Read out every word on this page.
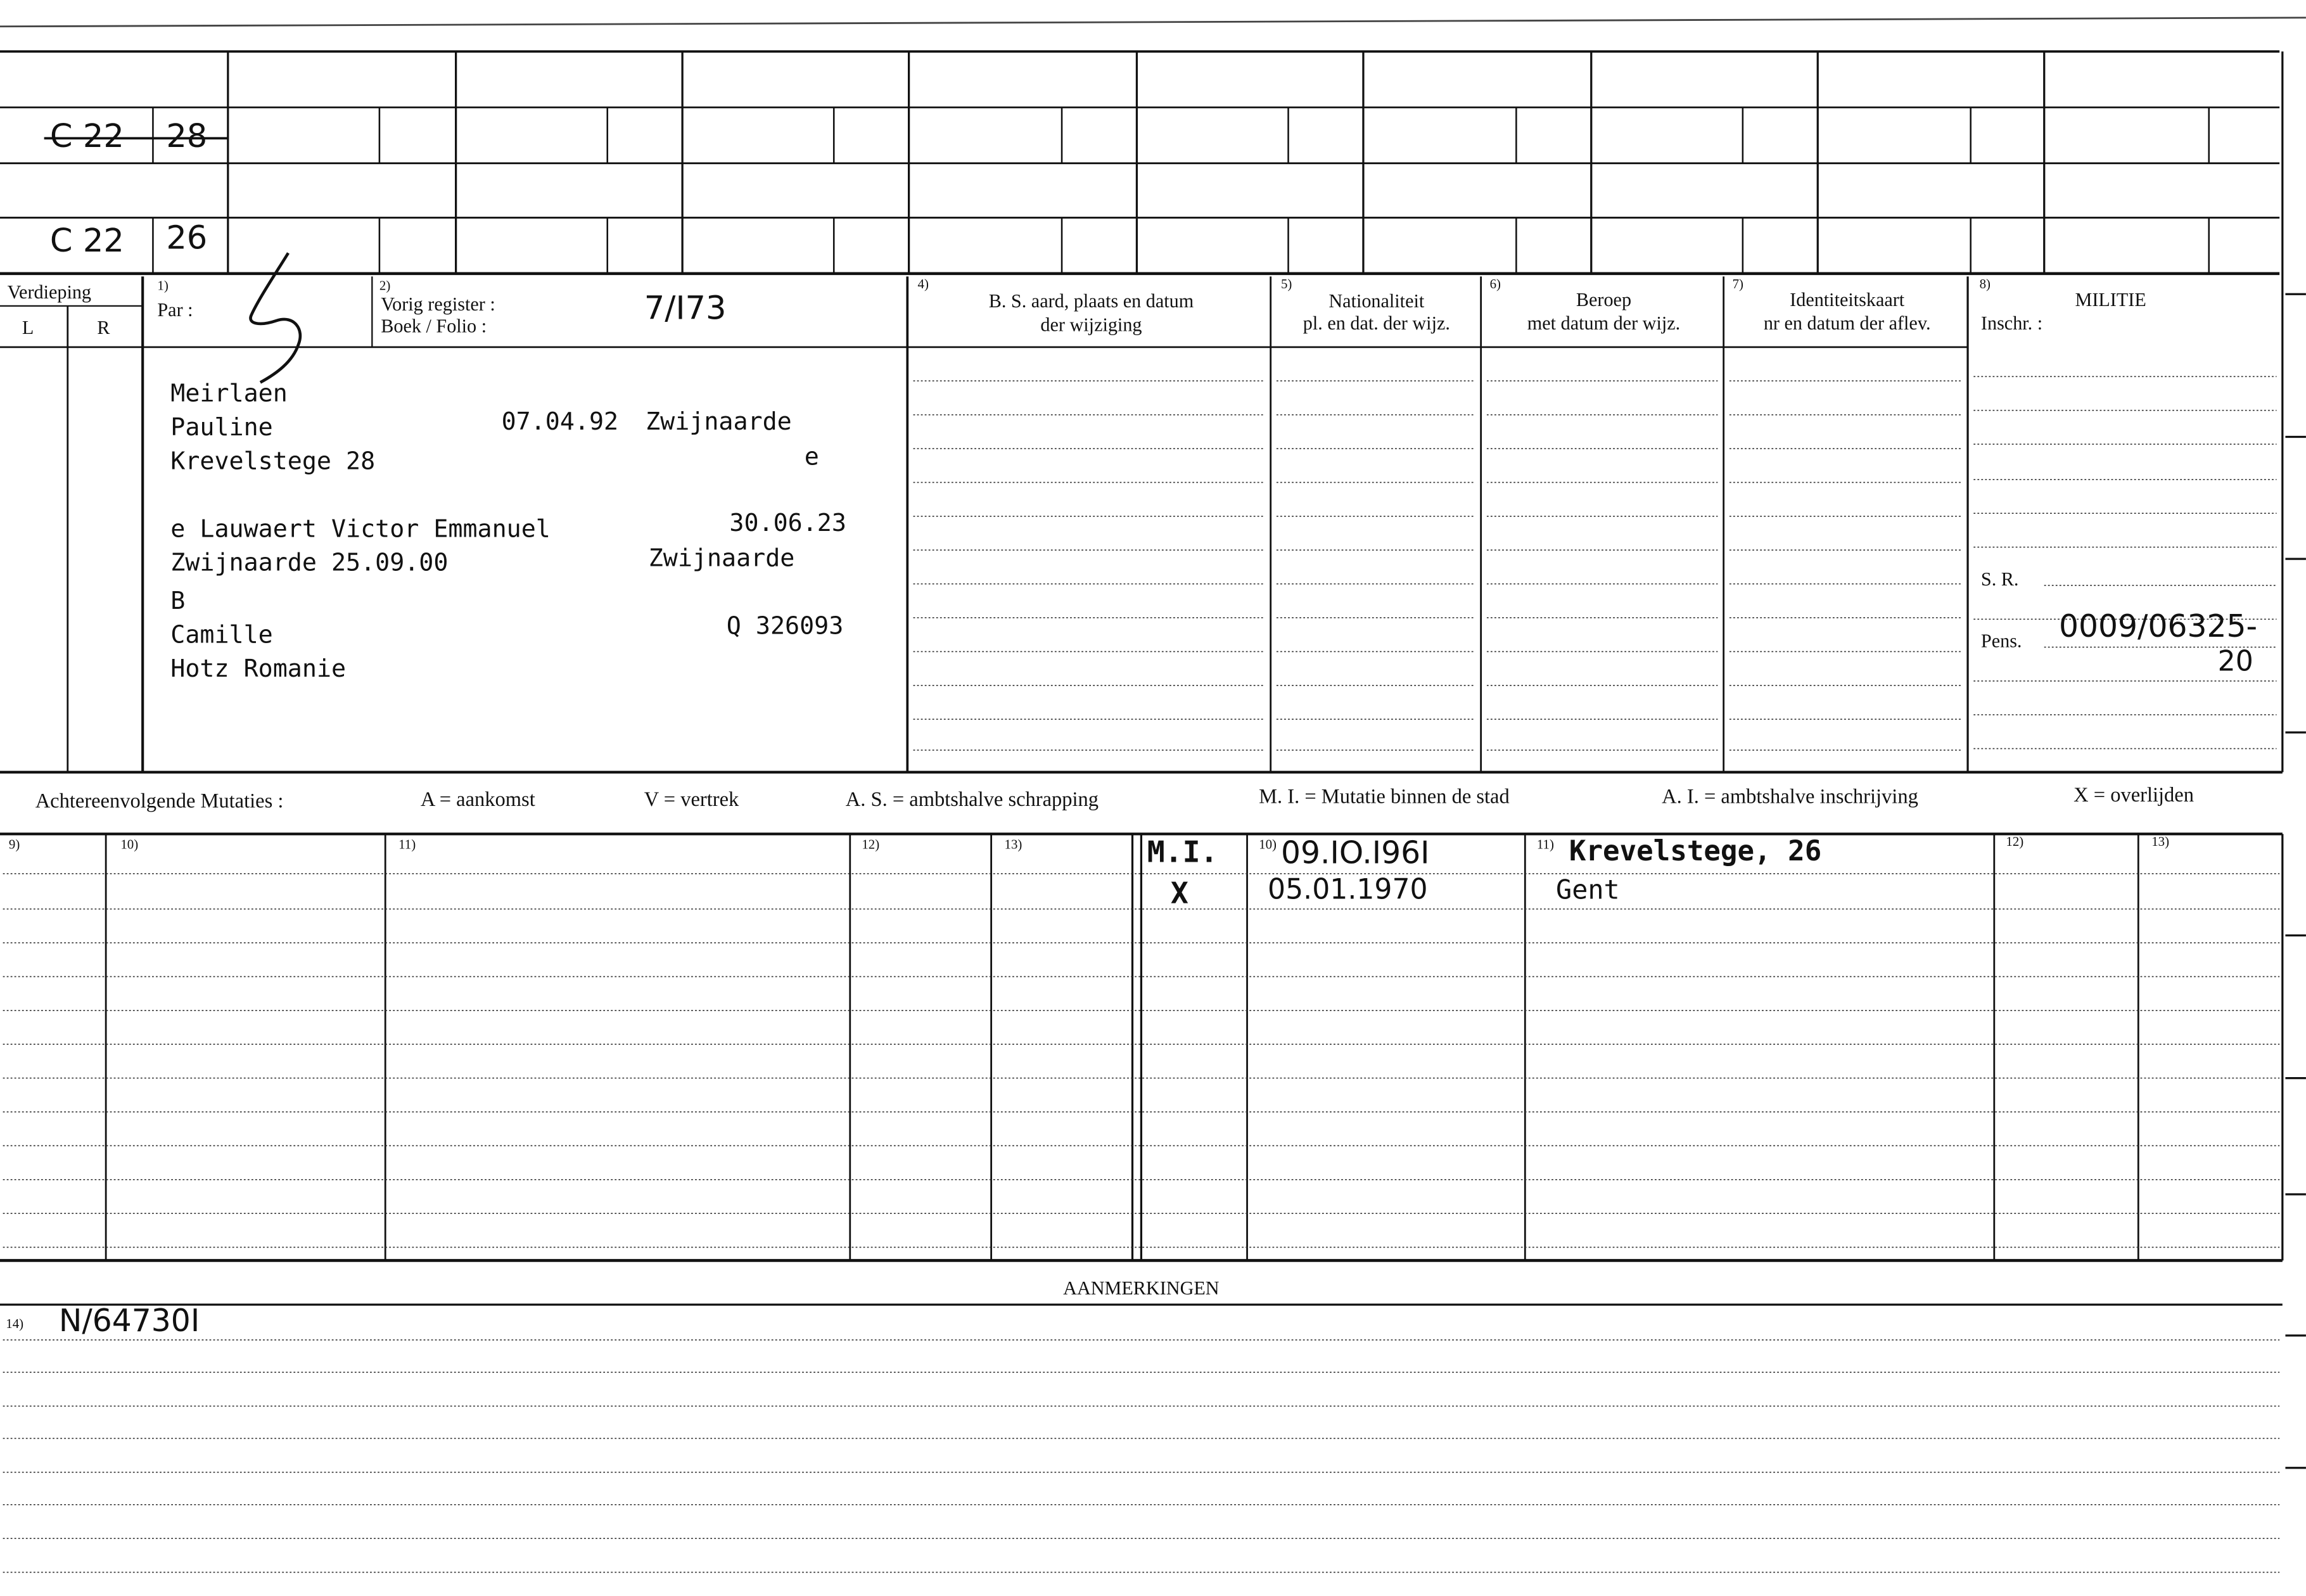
C 22	28
C 22	26
Verdieping
L	R
1)
Par :
2)
Vorig register :
Boek / Folio :	7/I73
4)
B. S. aard, plaats en datum
der wijziging
5)
Nationaliteit
pl. en dat. der wijz.
6)
Beroep
met datum der wijz.
7)
Identiteitskaart
nr en datum der aflev.
8)
MILITIE
Inschr. :
Meirlaen
Pauline
Krevelstege 28
07.04.92	Zwijnaarde
e
e Lauwaert Victor Emmanuel	30.06.23
Zwijnaarde 25.09.00	Zwijnaarde
B
Camille
Hotz Romanie
Q 326093
S. R.
Pens.	0009/06325-
20
Achtereenvolgende Mutaties :	A = aankomst	V = vertrek	A. S. = ambtshalve schrapping	M. I. = Mutatie binnen de stad	A. I. = ambtshalve inschrijving	X = overlijden
9)	10)	11)	12)	13)	10)	11)	12)	13)
M.I.	09.IO.I96I	Krevelstege, 26
X	05.01.1970	Gent
AANMERKINGEN
14)	N/64730I
